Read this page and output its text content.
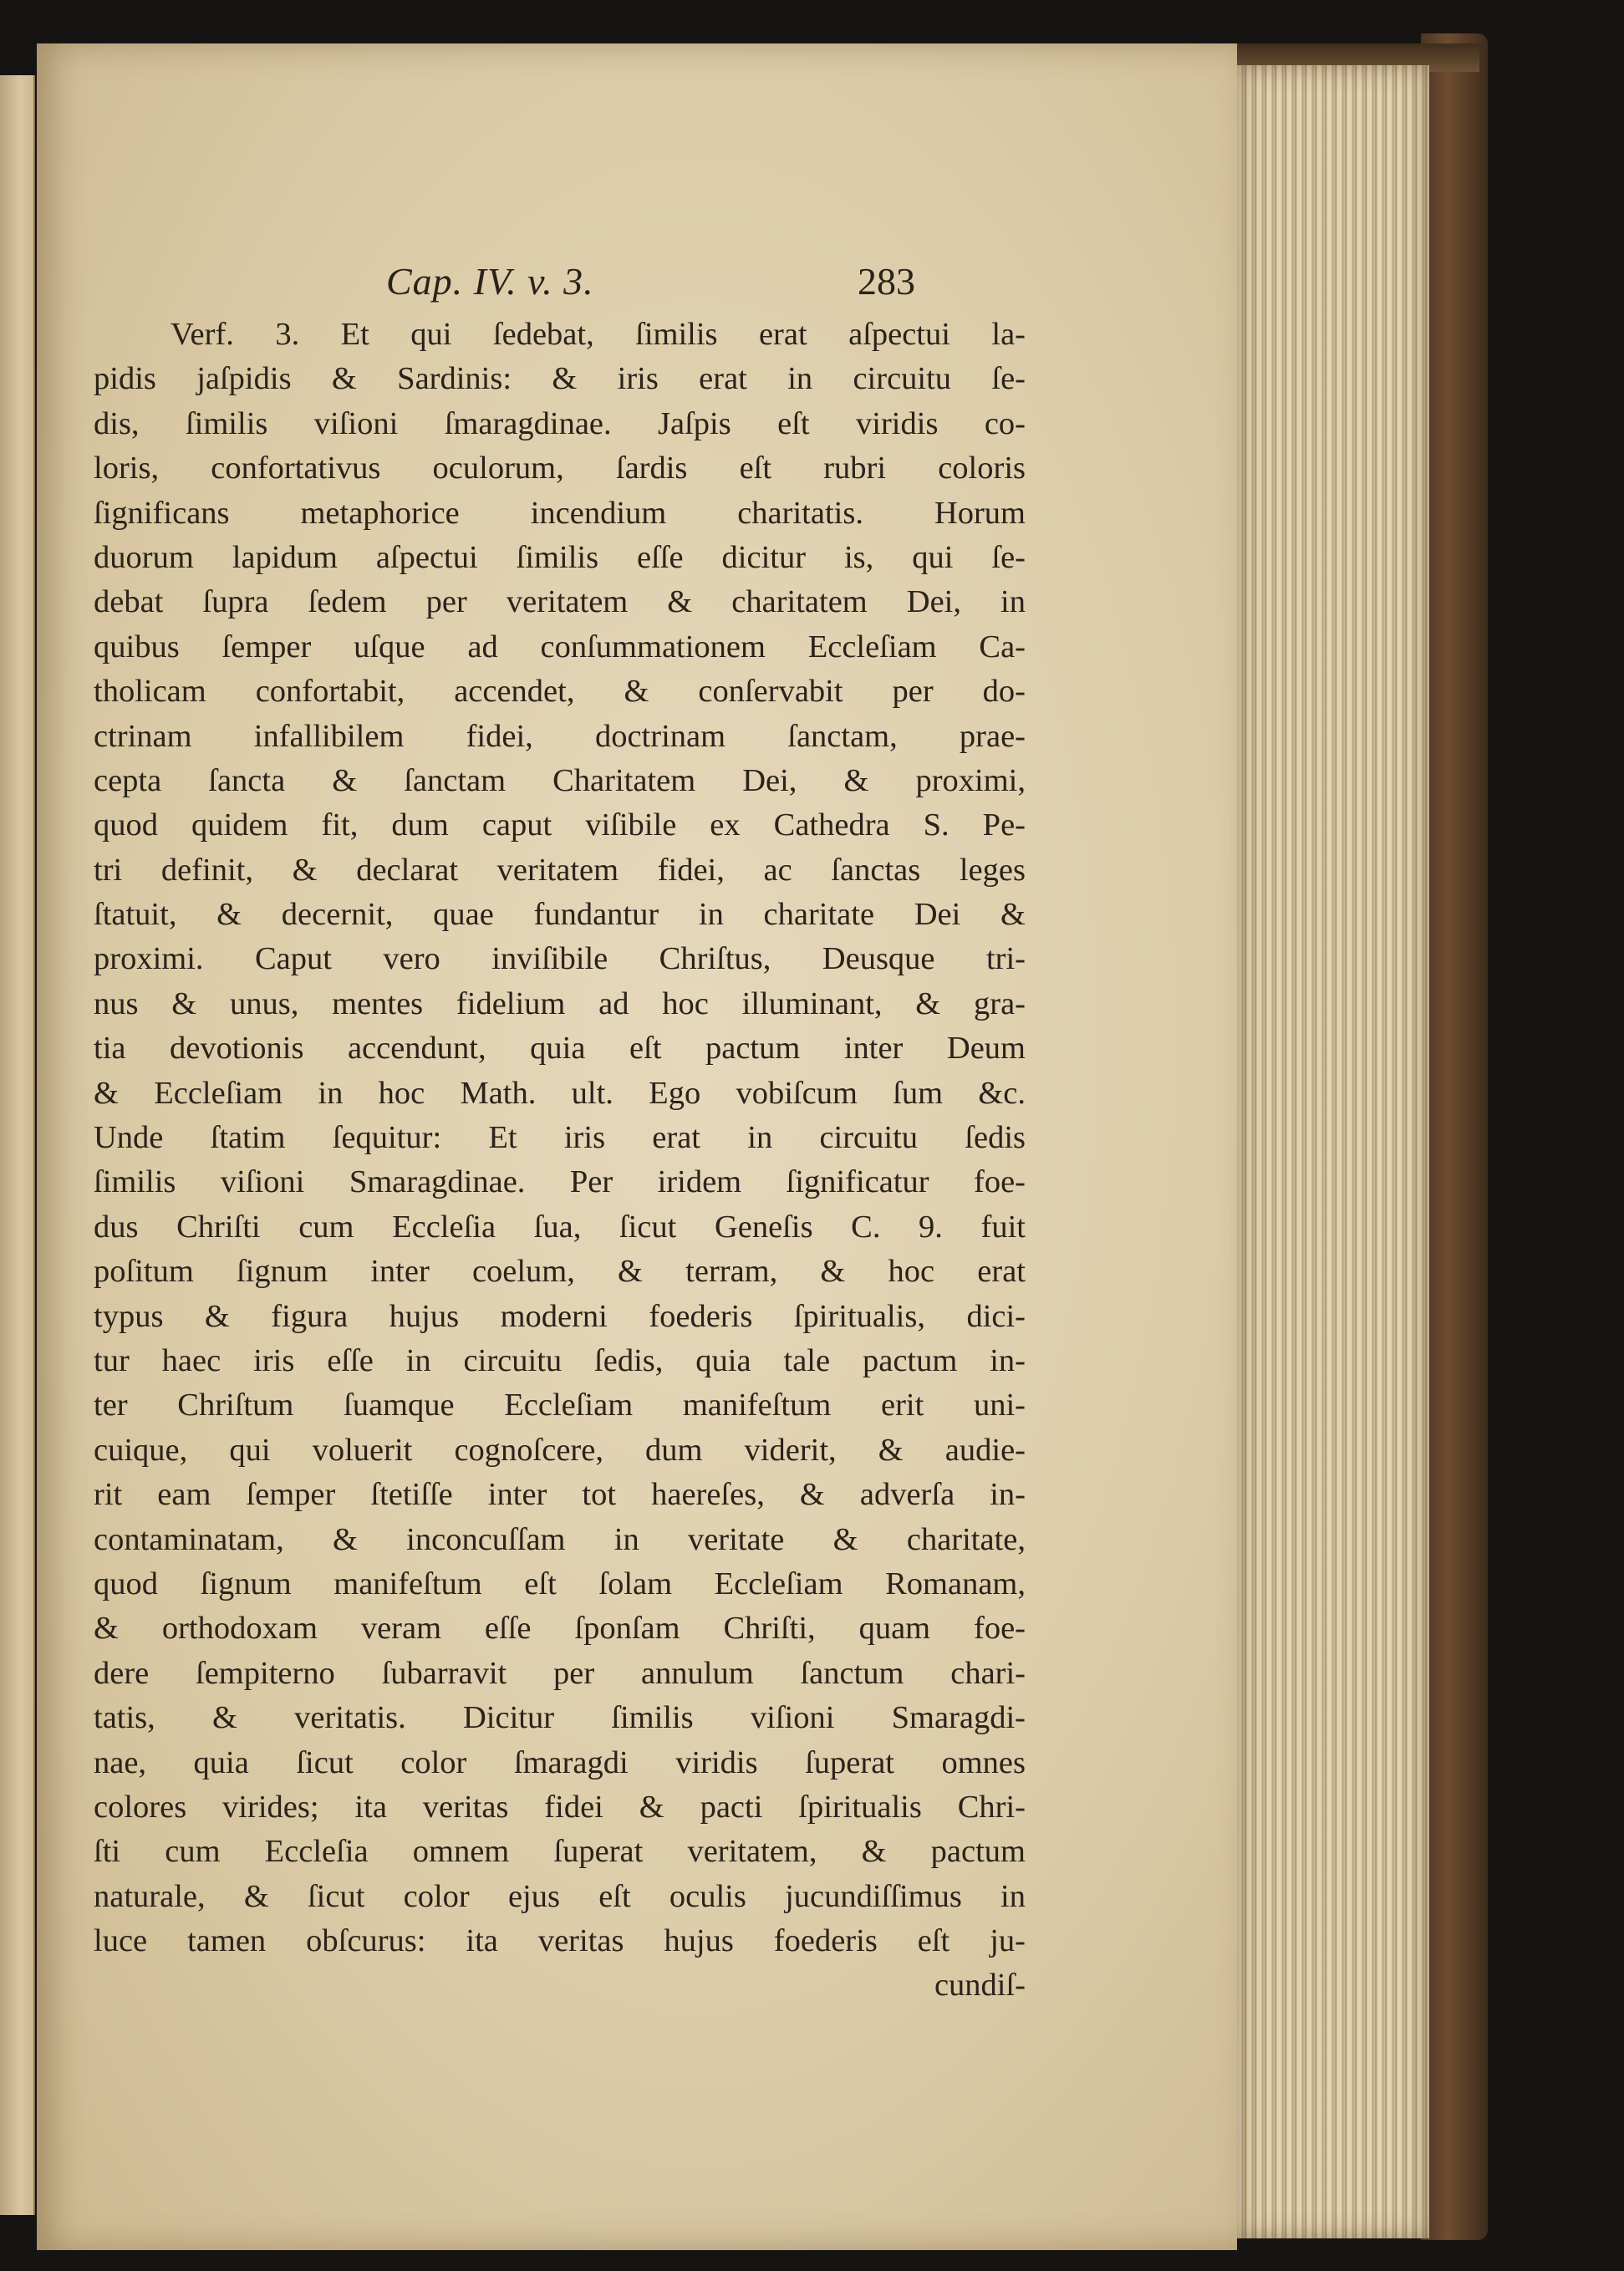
Cap. IV. v. 3.	283
Verf. 3. Et qui ſedebat, ſimilis erat aſpectui la-
pidis jaſpidis & Sardinis: & iris erat in circuitu ſe-
dis, ſimilis viſioni ſmaragdinae. Jaſpis eſt viridis co-
loris, confortativus oculorum, ſardis eſt rubri coloris
ſignificans metaphorice incendium charitatis. Horum
duorum lapidum aſpectui ſimilis eſſe dicitur is, qui ſe-
debat ſupra ſedem per veritatem & charitatem Dei, in
quibus ſemper uſque ad conſummationem Eccleſiam Ca-
tholicam confortabit, accendet, & conſervabit per do-
ctrinam infallibilem fidei, doctrinam ſanctam, prae-
cepta ſancta & ſanctam Charitatem Dei, & proximi,
quod quidem fit, dum caput viſibile ex Cathedra S. Pe-
tri definit, & declarat veritatem fidei, ac ſanctas leges
ſtatuit, & decernit, quae fundantur in charitate Dei &
proximi. Caput vero inviſibile Chriſtus, Deusque tri-
nus & unus, mentes fidelium ad hoc illuminant, & gra-
tia devotionis accendunt, quia eſt pactum inter Deum
& Eccleſiam in hoc Math. ult. Ego vobiſcum ſum &c.
Unde ſtatim ſequitur: Et iris erat in circuitu ſedis
ſimilis viſioni Smaragdinae. Per iridem ſignificatur foe-
dus Chriſti cum Eccleſia ſua, ſicut Geneſis C. 9. fuit
poſitum ſignum inter coelum, & terram, & hoc erat
typus & figura hujus moderni foederis ſpiritualis, dici-
tur haec iris eſſe in circuitu ſedis, quia tale pactum in-
ter Chriſtum ſuamque Eccleſiam manifeſtum erit uni-
cuique, qui voluerit cognoſcere, dum viderit, & audie-
rit eam ſemper ſtetiſſe inter tot haereſes, & adverſa in-
contaminatam, & inconcuſſam in veritate & charitate,
quod ſignum manifeſtum eſt ſolam Eccleſiam Romanam,
& orthodoxam veram eſſe ſponſam Chriſti, quam foe-
dere ſempiterno ſubarravit per annulum ſanctum chari-
tatis, & veritatis. Dicitur ſimilis viſioni Smaragdi-
nae, quia ſicut color ſmaragdi viridis ſuperat omnes
colores virides; ita veritas fidei & pacti ſpiritualis Chri-
ſti cum Eccleſia omnem ſuperat veritatem, & pactum
naturale, & ſicut color ejus eſt oculis jucundiſſimus in
luce tamen obſcurus: ita veritas hujus foederis eſt ju-
cundiſ-
